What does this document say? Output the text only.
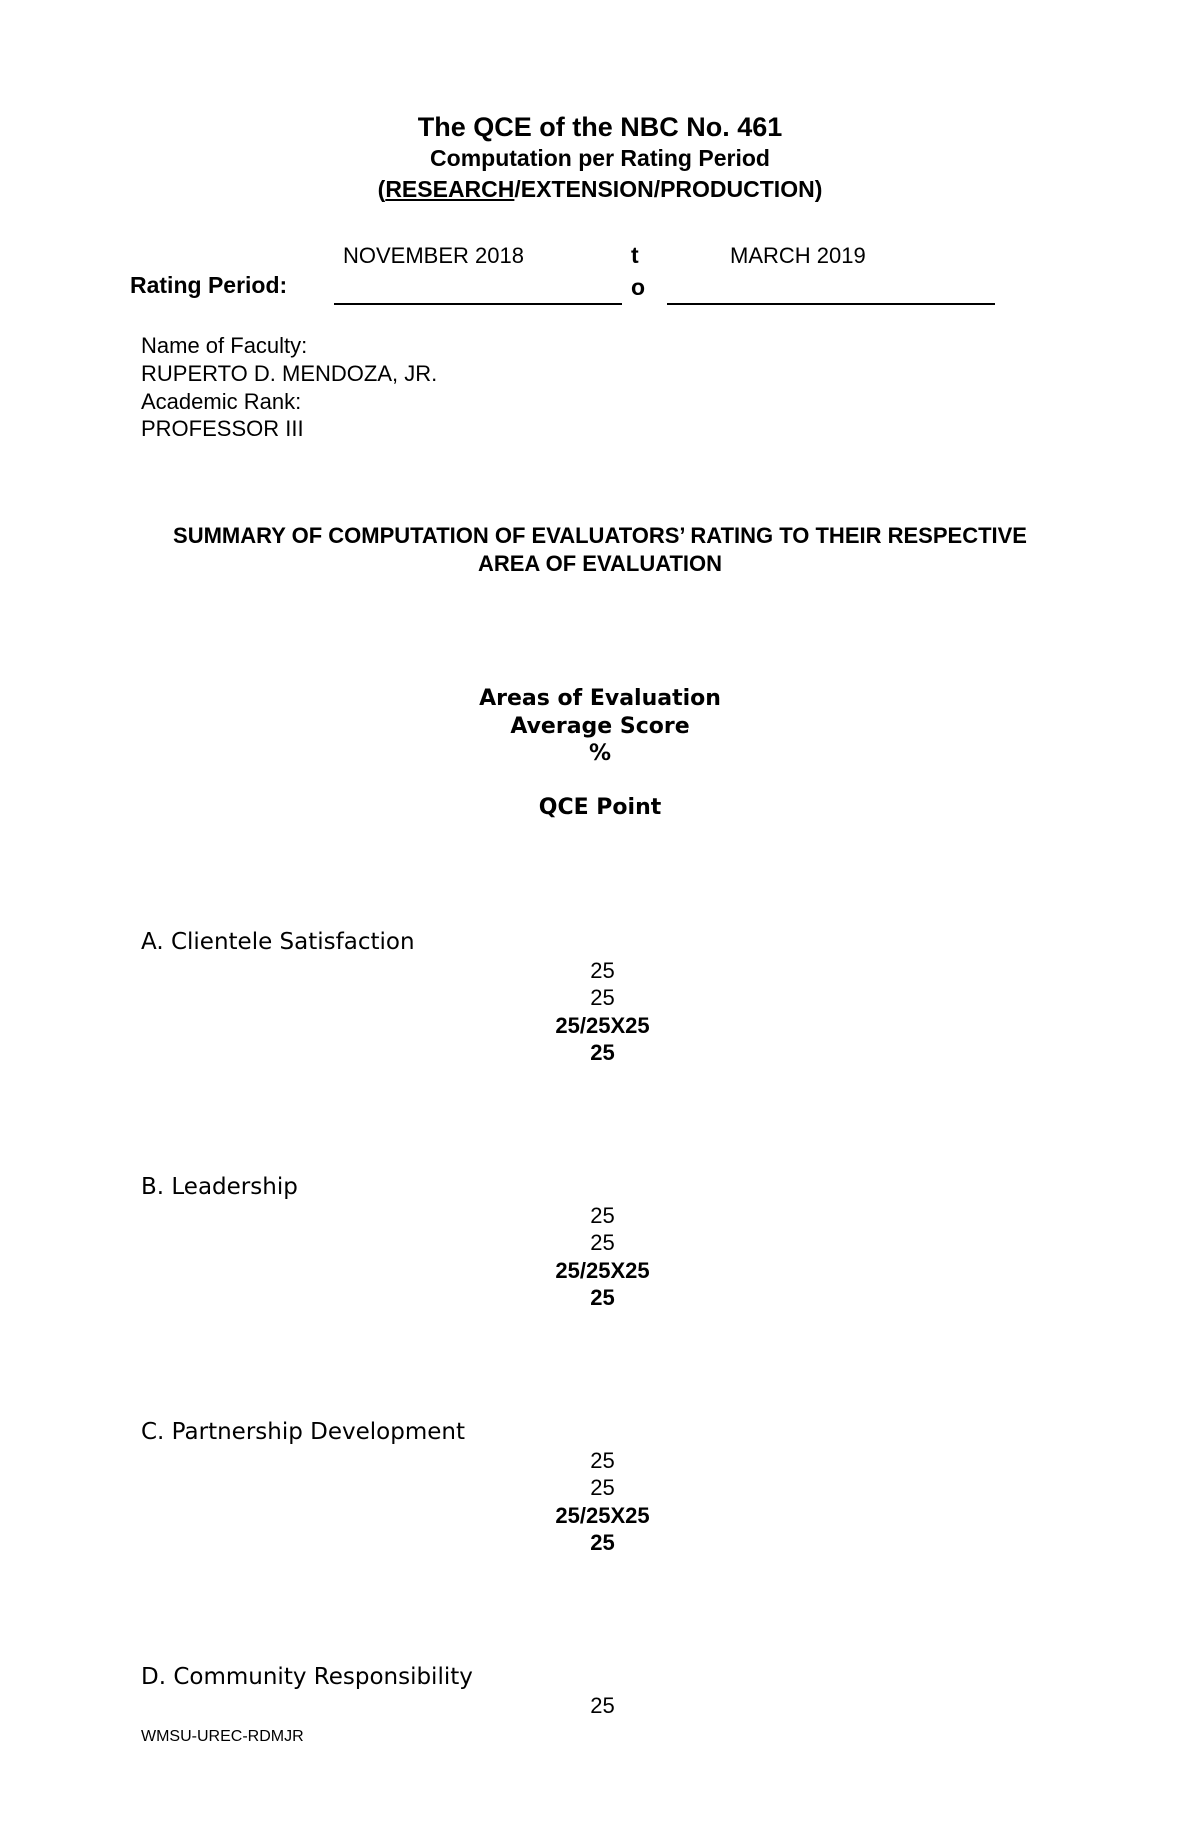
The QCE of the NBC No. 461
Computation per Rating Period
(RESEARCH/EXTENSION/PRODUCTION)
NOVEMBER 2018	t	MARCH 2019
Rating Period:	o
Name of Faculty:
RUPERTO D. MENDOZA, JR.
Academic Rank:
PROFESSOR III
SUMMARY OF COMPUTATION OF EVALUATORS’ RATING TO THEIR RESPECTIVE
AREA OF EVALUATION
Areas of Evaluation
Average Score
%
QCE Point
A. Clientele Satisfaction
25
25
25/25X25
25
B. Leadership
25
25
25/25X25
25
C. Partnership Development
25
25
25/25X25
25
D. Community Responsibility
25
WMSU-UREC-RDMJR
